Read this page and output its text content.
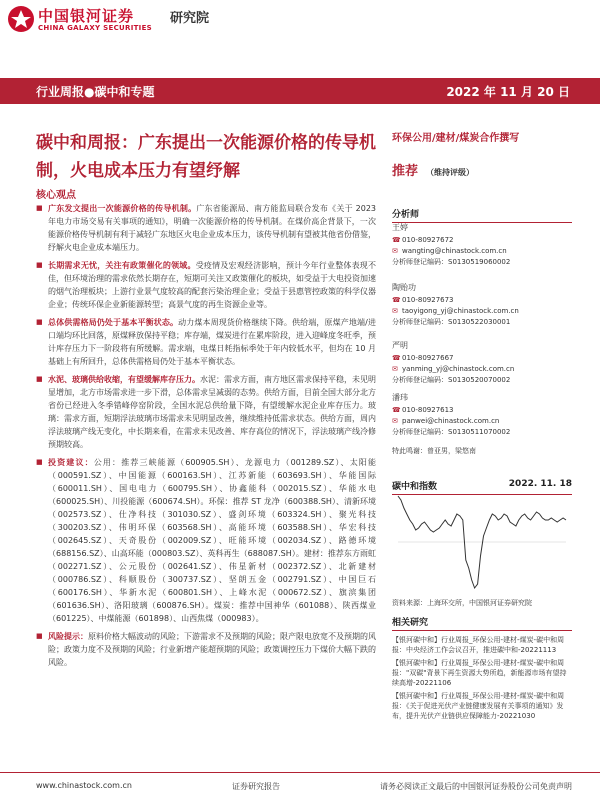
中国银河证券
CHINA GALAXY SECURITIES
研究院
行业周报●碳中和专题	2022 年 11 月 20 日
碳中和周报：广东提出一次能源价格的传导机制，火电成本压力有望纾解
核心观点
■ 广东发文提出一次能源价格的传导机制。广东省能源局、南方能监局联合发布《关于 2023 年电力市场交易有关事项的通知》，明确一次能源价格的传导机制。在煤价高企背景下，一次能源价格传导机制有利于减轻广东地区火电企业成本压力，该传导机制有望被其他省份借鉴，纾解火电企业成本端压力。
■ 长期需求无忧，关注有政策催化的领域。受疫情及宏观经济影响，预计今年行业整体表现不佳，但环境治理的需求依然长期存在，短期可关注又政策催化的板块，如受益于大电投资加速的烟气治理板块；上游行业景气度较高的配套污染治理企业；受益于县惠管控政策的科学仪器企业；传统环保企业新能源转型；高景气度的再生资源企业等。
■ 总体供需格局仍处于基本平衡状态。动力煤本周现货价格继续下降。供给端，原煤产地端/进口端均环比回落，原煤释放保持平稳；库存端，煤炭进行在累库阶段，进入迎峰度冬旺季，预计库存压力下一阶段将有所缓解。需求端，电煤日耗指标季处于年内较低水平，但均在 10 月基础上有所回升，总体供需格局仍处于基本平衡状态。
■ 水泥、玻璃供给收缩，有望缓解库存压力。水泥：需求方面，南方地区需求保持平稳，未见明显增加，北方市场需求进一步下滑，总体需求呈减弱的态势。供给方面，目前全国大部分北方省份已经进入冬季错峰停窑阶段，全国水泥总供给量下降，有望缓解水泥企业库存压力。玻璃：需求方面，短期浮法玻璃市场需求未见明显改善，继续维持低需求状态。供给方面，周内浮法玻璃产线无变化，中长期来看，在需求未见改善、库存高位的情况下，浮法玻璃产线冷修预期较高。
■ 投资建议：公用：推荐三峡能源（600905.SH）、龙源电力（001289.SZ）、太阳能（000591.SZ）、中国能源（600163.SH）、江苏新能（603693.SH）、华能国际（600011.SH）、国电电力（600795.SH）、协鑫能科（002015.SZ）、华能水电（600025.SH）、川投能源（600674.SH）。环保：推荐 ST 龙净（600388.SH）、清新环境（002573.SZ）、仕净科技（301030.SZ）、盛剑环境（603324.SH）、聚光科技（300203.SZ）、伟明环保（603568.SH）、高能环境（603588.SH）、华宏科技（002645.SZ）、天奇股份（002009.SZ）、旺能环境（002034.SZ）、路德环境（688156.SZ）、山高环能（000803.SZ）、英科再生（688087.SH）。建材：推荐东方雨虹（002271.SZ）、公元股份（002641.SZ）、伟星新材（002372.SZ）、北新建材（000786.SZ）、科顺股份（300737.SZ）、坚朗五金（002791.SZ）、中国巨石（600176.SH）、华新水泥（600801.SH）、上峰水泥（000672.SZ）、旗滨集团（601636.SH）、洛阳玻璃（600876.SH）。煤炭：推荐中国神华（601088）、陕西煤业（601225）、中煤能源（601898）、山西焦煤（000983）。
■ 风险提示：原料价格大幅波动的风险；下游需求不及预期的风险；限产限电放宽不及预期的风险；政策力度不及预期的风险；行业新增产能超预期的风险；政策调控压力下煤价大幅下跌的风险。
环保公用/建材/煤炭合作撰写
推荐 （维持评级）
分析师
王婷
☎ 010-80927672
✉ wangting@chinastock.com.cn
分析师登记编码：S0130519060002
陶贻功
☎ 010-80927673
✉ taoyigong_yj@chinastock.com.cn
分析师登记编码：S0130522030001
严明
☎ 010-80927667
✉ yanming_yj@chinastock.com.cn
分析师登记编码：S0130520070002
潘玮
☎ 010-80927613
✉ panwei@chinastock.com.cn
分析师登记编码：S0130511070002
特此鸣谢：曾亚男，梁悠南
碳中和指数	2022. 11. 18
资料来源：上海环交所，中国银河证券研究院
相关研究
【银河碳中和】行业周报_环保公用-建材-煤炭-碳中和周报：中央经济工作会议召开，推进碳中和-20221113
【银河碳中和】行业周报_环保公用-建材-煤炭-碳中和周报："双碳"背景下再生资源大势所趋，新能源市场有望持续高增-20221106
【银河碳中和】行业周报_环保公用-建材-煤炭-碳中和周报：《关于促进光伏产业链健康发展有关事项的通知》发布，提升光伏产业链供应保障能力-20221030
www.chinastock.com.cn	证券研究报告	请务必阅读正文最后的中国银河证券股份公司免责声明
